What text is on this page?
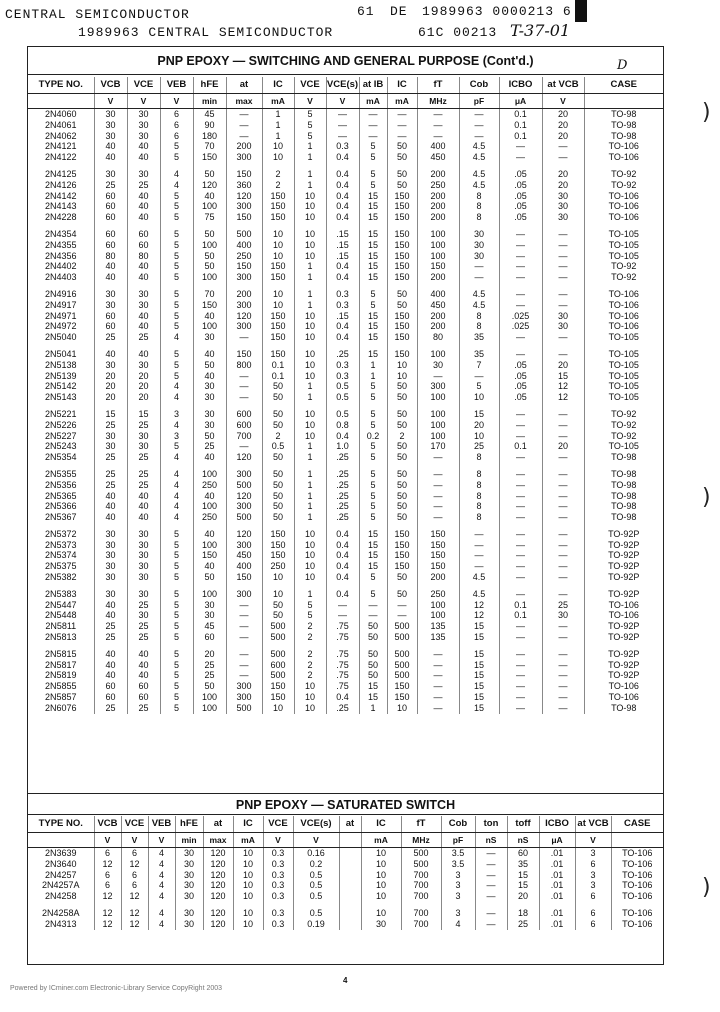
CENTRAL SEMICONDUCTOR	61 DE 1989963 0000213 6
1989963 CENTRAL SEMICONDUCTOR	61C 00213 T-37-01
D
)
)
)
PNP EPOXY — SWITCHING AND GENERAL PURPOSE (Cont'd.)
TYPE NO.	VCB	VCE	VEB	hFE	at	IC	VCE	VCE(s)	at IB	IC	fT	Cob	ICBO	at VCB	CASE
	V	V	V	min	max	mA	V	V	mA	mA	MHz	pF	μA	V	
2N4060	30	30	6	45	—	1	5	—	—	—	—	—	0.1	20	TO-98
2N4061	30	30	6	90	—	1	5	—	—	—	—	—	0.1	20	TO-98
2N4062	30	30	6	180	—	1	5	—	—	—	—	—	0.1	20	TO-98
2N4121	40	40	5	70	200	10	1	0.3	5	50	400	4.5	—	—	TO-106
2N4122	40	40	5	150	300	10	1	0.4	5	50	450	4.5	—	—	TO-106

2N4125	30	30	4	50	150	2	1	0.4	5	50	200	4.5	.05	20	TO-92
2N4126	25	25	4	120	360	2	1	0.4	5	50	250	4.5	.05	20	TO-92
2N4142	60	40	5	40	120	150	10	0.4	15	150	200	8	.05	30	TO-106
2N4143	60	40	5	100	300	150	10	0.4	15	150	200	8	.05	30	TO-106
2N4228	60	40	5	75	150	150	10	0.4	15	150	200	8	.05	30	TO-106

2N4354	60	60	5	50	500	10	10	.15	15	150	100	30	—	—	TO-105
2N4355	60	60	5	100	400	10	10	.15	15	150	100	30	—	—	TO-105
2N4356	80	80	5	50	250	10	10	.15	15	150	100	30	—	—	TO-105
2N4402	40	40	5	50	150	150	1	0.4	15	150	150	—	—	—	TO-92
2N4403	40	40	5	100	300	150	1	0.4	15	150	200	—	—	—	TO-92

2N4916	30	30	5	70	200	10	1	0.3	5	50	400	4.5	—	—	TO-106
2N4917	30	30	5	150	300	10	1	0.3	5	50	450	4.5	—	—	TO-106
2N4971	60	40	5	40	120	150	10	.15	15	150	200	8	.025	30	TO-106
2N4972	60	40	5	100	300	150	10	0.4	15	150	200	8	.025	30	TO-106
2N5040	25	25	4	30	—	150	10	0.4	15	150	80	35	—	—	TO-105

2N5041	40	40	5	40	150	150	10	.25	15	150	100	35	—	—	TO-105
2N5138	30	30	5	50	800	0.1	10	0.3	1	10	30	7	.05	20	TO-105
2N5139	20	20	5	40	—	0.1	10	0.3	1	10	—	—	.05	15	TO-105
2N5142	20	20	4	30	—	50	1	0.5	5	50	300	5	.05	12	TO-105
2N5143	20	20	4	30	—	50	1	0.5	5	50	100	10	.05	12	TO-105

2N5221	15	15	3	30	600	50	10	0.5	5	50	100	15	—	—	TO-92
2N5226	25	25	4	30	600	50	10	0.8	5	50	100	20	—	—	TO-92
2N5227	30	30	3	50	700	2	10	0.4	0.2	2	100	10	—	—	TO-92
2N5243	30	30	5	25	—	0.5	1	1.0	5	50	170	25	0.1	20	TO-105
2N5354	25	25	4	40	120	50	1	.25	5	50	—	8	—	—	TO-98

2N5355	25	25	4	100	300	50	1	.25	5	50	—	8	—	—	TO-98
2N5356	25	25	4	250	500	50	1	.25	5	50	—	8	—	—	TO-98
2N5365	40	40	4	40	120	50	1	.25	5	50	—	8	—	—	TO-98
2N5366	40	40	4	100	300	50	1	.25	5	50	—	8	—	—	TO-98
2N5367	40	40	4	250	500	50	1	.25	5	50	—	8	—	—	TO-98

2N5372	30	30	5	40	120	150	10	0.4	15	150	150	—	—	—	TO-92P
2N5373	30	30	5	100	300	150	10	0.4	15	150	150	—	—	—	TO-92P
2N5374	30	30	5	150	450	150	10	0.4	15	150	150	—	—	—	TO-92P
2N5375	30	30	5	40	400	250	10	0.4	15	150	150	—	—	—	TO-92P
2N5382	30	30	5	50	150	10	10	0.4	5	50	200	4.5	—	—	TO-92P

2N5383	30	30	5	100	300	10	1	0.4	5	50	250	4.5	—	—	TO-92P
2N5447	40	25	5	30	—	50	5	—	—	—	100	12	0.1	25	TO-106
2N5448	40	30	5	30	—	50	5	—	—	—	100	12	0.1	30	TO-106
2N5811	25	25	5	45	—	500	2	.75	50	500	135	15	—	—	TO-92P
2N5813	25	25	5	60	—	500	2	.75	50	500	135	15	—	—	TO-92P

2N5815	40	40	5	20	—	500	2	.75	50	500	—	15	—	—	TO-92P
2N5817	40	40	5	25	—	600	2	.75	50	500	—	15	—	—	TO-92P
2N5819	40	40	5	25	—	500	2	.75	50	500	—	15	—	—	TO-92P
2N5855	60	60	5	50	300	150	10	.75	15	150	—	15	—	—	TO-106
2N5857	60	60	5	100	300	150	10	0.4	15	150	—	15	—	—	TO-106
2N6076	25	25	5	100	500	10	10	.25	1	10	—	15	—	—	TO-98
PNP EPOXY — SATURATED SWITCH
TYPE NO.	VCB	VCE	VEB	hFE	at	IC	VCE	VCE(s)	at	IC	fT	Cob	ton	toff	ICBO	at VCB	CASE
	V	V	V	min	max	mA	V	V		mA	MHz	pF	nS	nS	μA	V	
2N3639	6	6	4	30	120	10	0.3	0.16		10	500	3.5	—	60	.01	3	TO-106
2N3640	12	12	4	30	120	10	0.3	0.2		10	500	3.5	—	35	.01	6	TO-106
2N4257	6	6	4	30	120	10	0.3	0.5		10	700	3	—	15	.01	3	TO-106
2N4257A	6	6	4	30	120	10	0.3	0.5		10	700	3	—	15	.01	3	TO-106
2N4258	12	12	4	30	120	10	0.3	0.5		10	700	3	—	20	.01	6	TO-106

2N4258A	12	12	4	30	120	10	0.3	0.5		10	700	3	—	18	.01	6	TO-106
2N4313	12	12	4	30	120	10	0.3	0.19		30	700	4	—	25	.01	6	TO-106
4
Powered by ICminer.com Electronic-Library Service CopyRight 2003
